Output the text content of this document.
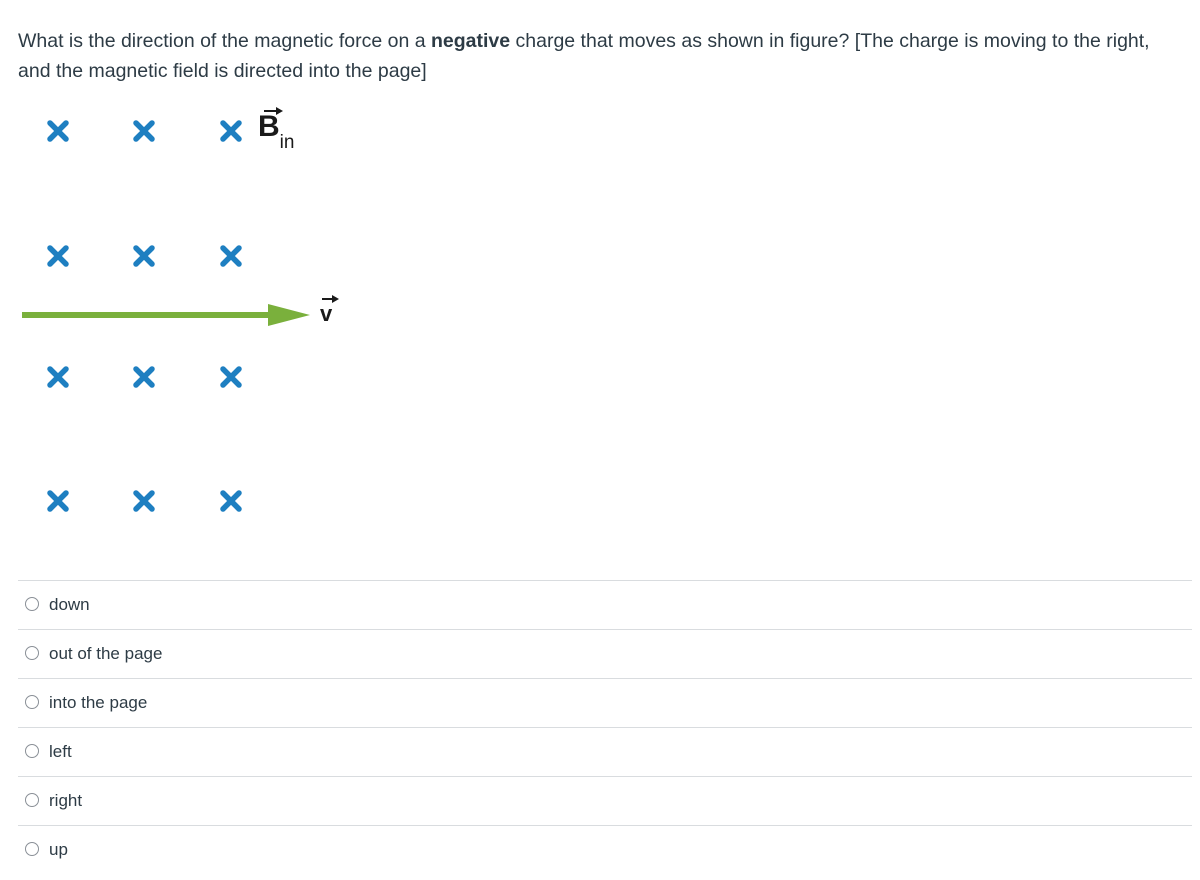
What is the direction of the magnetic force on a negative charge that moves as shown in figure? [The charge is moving to the right, and the magnetic field is directed into the page]
$B_{in}$
v
down
out of the page
into the page
left
right
up
